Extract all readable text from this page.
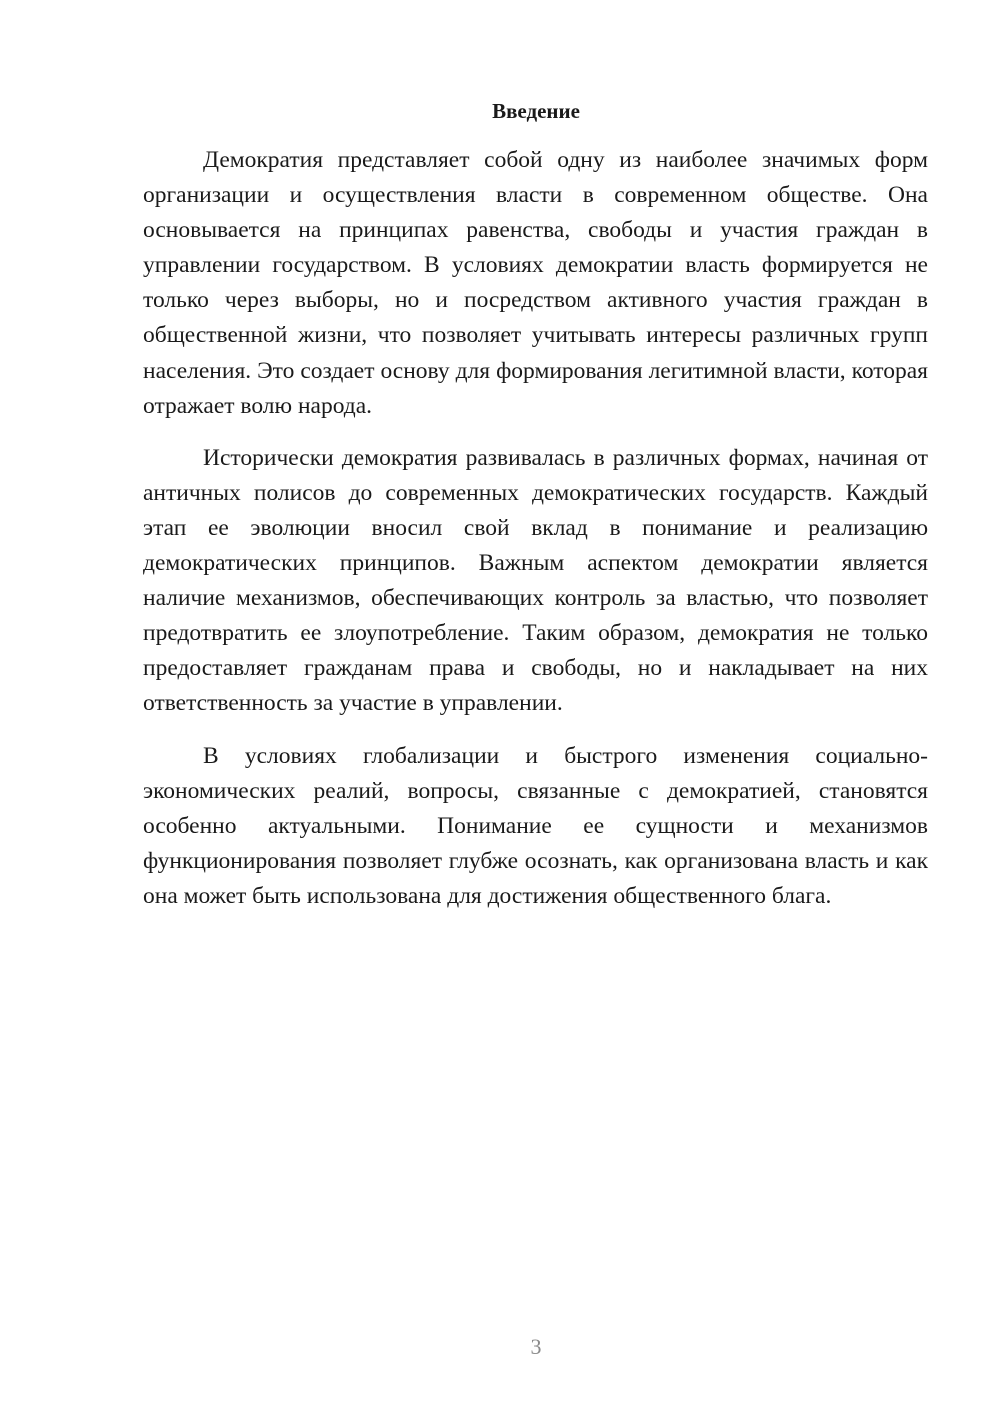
Введение

Демократия представляет собой одну из наиболее значимых форм организации и осуществления власти в современном обществе. Она основывается на принципах равенства, свободы и участия граждан в управлении государством. В условиях демократии власть формируется не только через выборы, но и посредством активного участия граждан в общественной жизни, что позволяет учитывать интересы различных групп населения. Это создает основу для формирования легитимной власти, которая отражает волю народа.

Исторически демократия развивалась в различных формах, начиная от античных полисов до современных демократических государств. Каждый этап ее эволюции вносил свой вклад в понимание и реализацию демократических принципов. Важным аспектом демократии является наличие механизмов, обеспечивающих контроль за властью, что позволяет предотвратить ее злоупотребление. Таким образом, демократия не только предоставляет гражданам права и свободы, но и накладывает на них ответственность за участие в управлении.

В условиях глобализации и быстрого изменения социально-экономических реалий, вопросы, связанные с демократией, становятся особенно актуальными. Понимание ее сущности и механизмов функционирования позволяет глубже осознать, как организована власть и как она может быть использована для достижения общественного блага.

3
